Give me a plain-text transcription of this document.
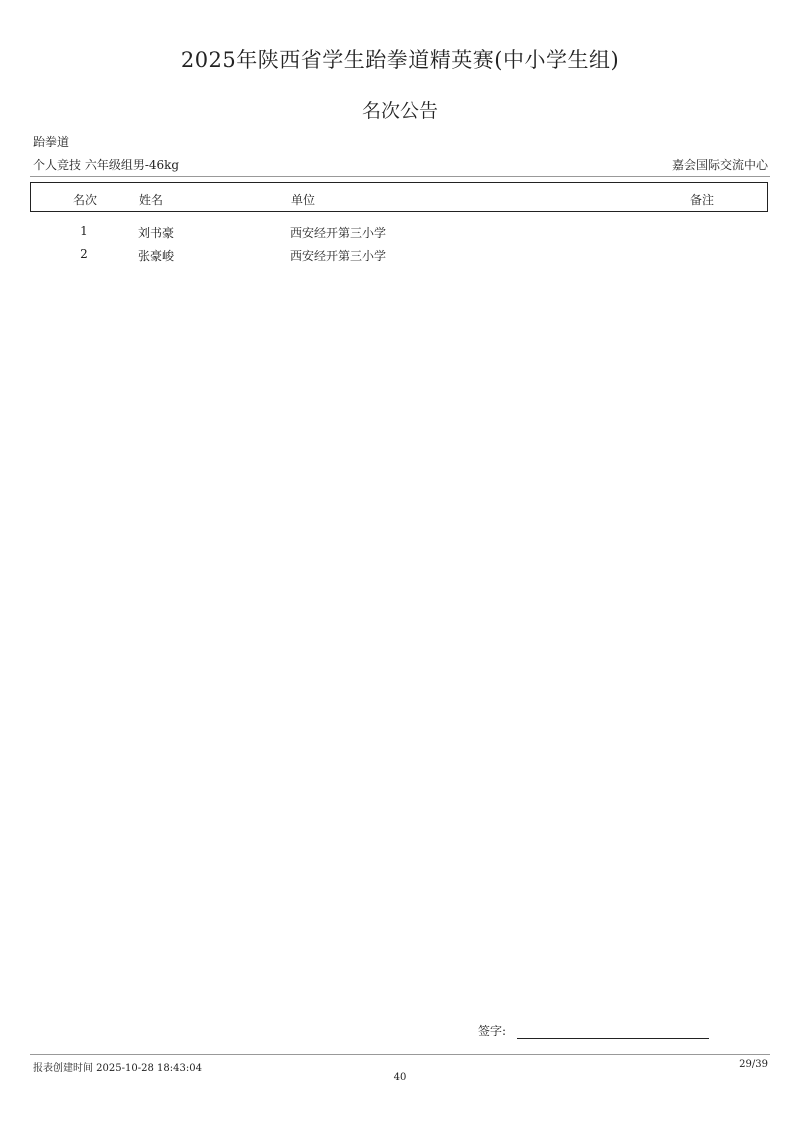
2025年陕西省学生跆拳道精英赛(中小学生组)
名次公告
跆拳道
个人竞技 六年级组男-46kg	嘉会国际交流中心
名次	姓名	单位	备注
1	刘书豪	西安经开第三小学
2	张豪峻	西安经开第三小学
签字:
报表创建时间 2025-10-28 18:43:04	29/39
40
